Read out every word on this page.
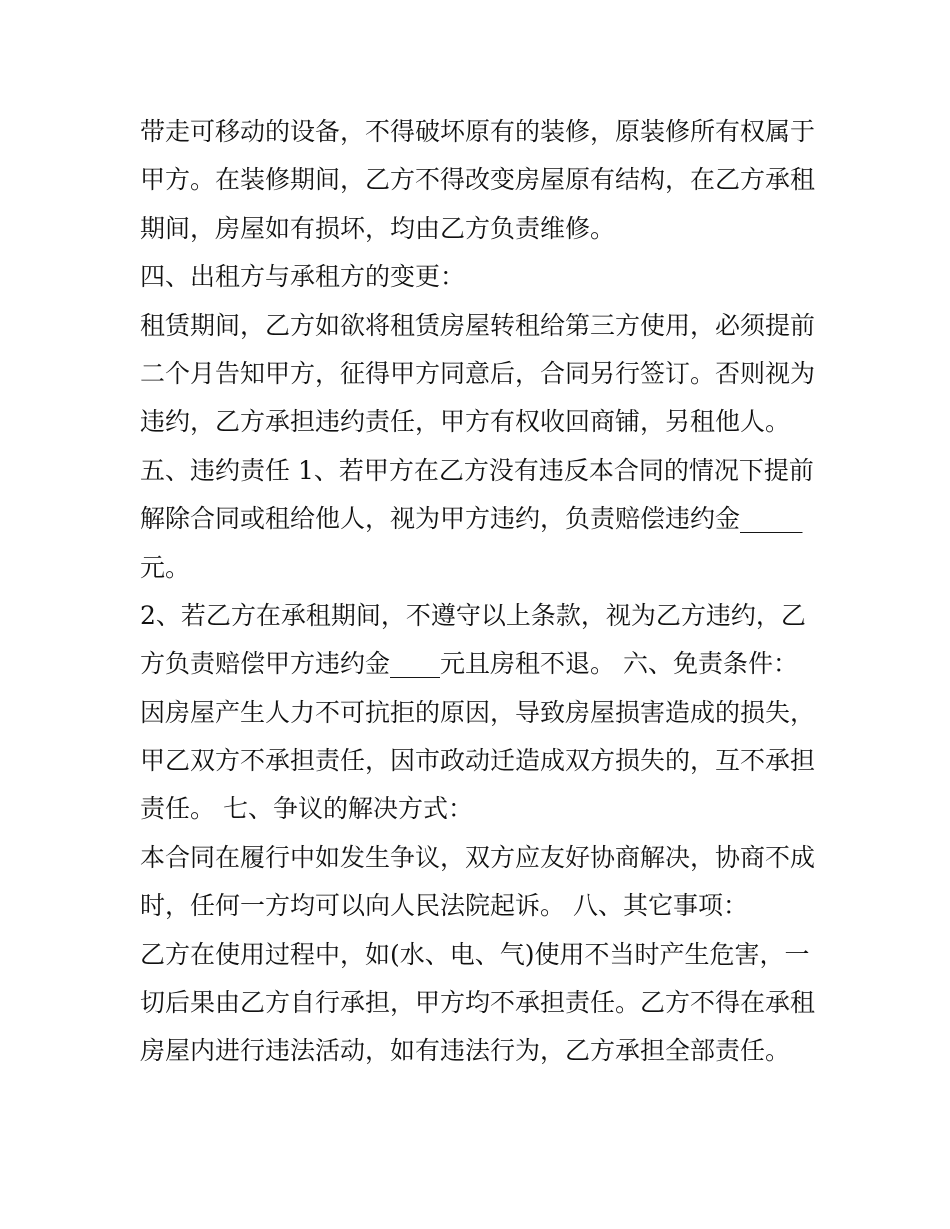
带走可移动的设备，不得破坏原有的装修，原装修所有权属于
甲方。在装修期间，乙方不得改变房屋原有结构，在乙方承租
期间，房屋如有损坏，均由乙方负责维修。
四、出租方与承租方的变更：
租赁期间，乙方如欲将租赁房屋转租给第三方使用，必须提前
二个月告知甲方，征得甲方同意后，合同另行签订。否则视为
违约，乙方承担违约责任，甲方有权收回商铺，另租他人。
五、违约责任 1、若甲方在乙方没有违反本合同的情况下提前
解除合同或租给他人，视为甲方违约，负责赔偿违约金_____
元。
2、若乙方在承租期间，不遵守以上条款，视为乙方违约，乙
方负责赔偿甲方违约金____元且房租不退。 六、免责条件：
因房屋产生人力不可抗拒的原因，导致房屋损害造成的损失，
甲乙双方不承担责任，因市政动迁造成双方损失的，互不承担
责任。 七、争议的解决方式：
本合同在履行中如发生争议，双方应友好协商解决，协商不成
时，任何一方均可以向人民法院起诉。 八、其它事项：
乙方在使用过程中，如(水、电、气)使用不当时产生危害，一
切后果由乙方自行承担，甲方均不承担责任。乙方不得在承租
房屋内进行违法活动，如有违法行为，乙方承担全部责任。
